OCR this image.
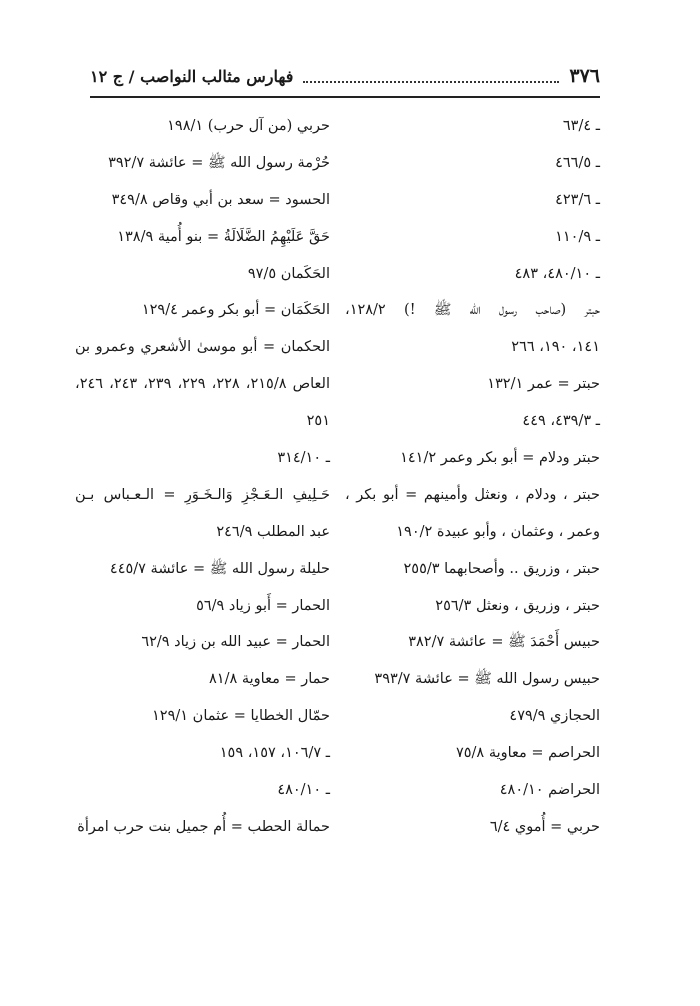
٣٧٦
فهارس مثالب النواصب / ج ١٢
ـ ٦٣/٤
ـ ٤٦٦/٥
ـ ٤٢٣/٦
ـ ١١٠/٩
ـ ٤٨٠/١٠، ٤٨٣
حبتر (صاحب رسول الله ﷺ !) ١٢٨/٢،
١٤١، ١٩٠، ٢٦٦
حبتر = عمر ١٣٢/١
ـ ٤٣٩/٣، ٤٤٩
حبتر ودلام = أبو بكر وعمر ١٤١/٢
حبتر ، ودلام ، ونعثل وأمينهم = أبو بكر ،
وعمر ، وعثمان ، وأبو عبيدة ١٩٠/٢
حبتر ، وزريق .. وأصحابهما ٢٥٥/٣
حبتر ، وزريق ، ونعثل ٢٥٦/٣
حبيس أَحْمَدَ ﷺ = عائشة ٣٨٢/٧
حبيس رسول الله ﷺ = عائشة ٣٩٣/٧
الحجازي ٤٧٩/٩
الحراصم = معاوية ٧٥/٨
الحراضم ٤٨٠/١٠
حربي = أُموي ٦/٤
حربي (من آل حرب) ١٩٨/١
حُرْمة رسول الله ﷺ = عائشة ٣٩٢/٧
الحسود = سعد بن أبي وقاص ٣٤٩/٨
حَقَّ عَلَيْهِمُ الضَّلَالَةُ = بنو أُمية ١٣٨/٩
الحَكَمان ٩٧/٥
الحَكَمَان = أبو بكر وعمر ١٢٩/٤
الحكمان = أبو موسىٰ الأشعري وعمرو بن
العاص ٢١٥/٨، ٢٢٨، ٢٢٩، ٢٣٩، ٢٤٣، ٢٤٦،
٢٥١
ـ ٣١٤/١٠
حَـلِيفِ الـعَـجْزِ وَالـخَـوَرِ = الـعـباس بـن
عبد المطلب ٢٤٦/٩
حليلة رسول الله ﷺ = عائشة ٤٤٥/٧
الحمار = أَبو زياد ٥٦/٩
الحمار = عبيد الله بن زياد ٦٢/٩
حمار = معاوية ٨١/٨
حمّال الخطايا = عثمان ١٢٩/١
ـ ١٠٦/٧، ١٥٧، ١٥٩
ـ ٤٨٠/١٠
حمالة الحطب = أُم جميل بنت حرب امرأة
